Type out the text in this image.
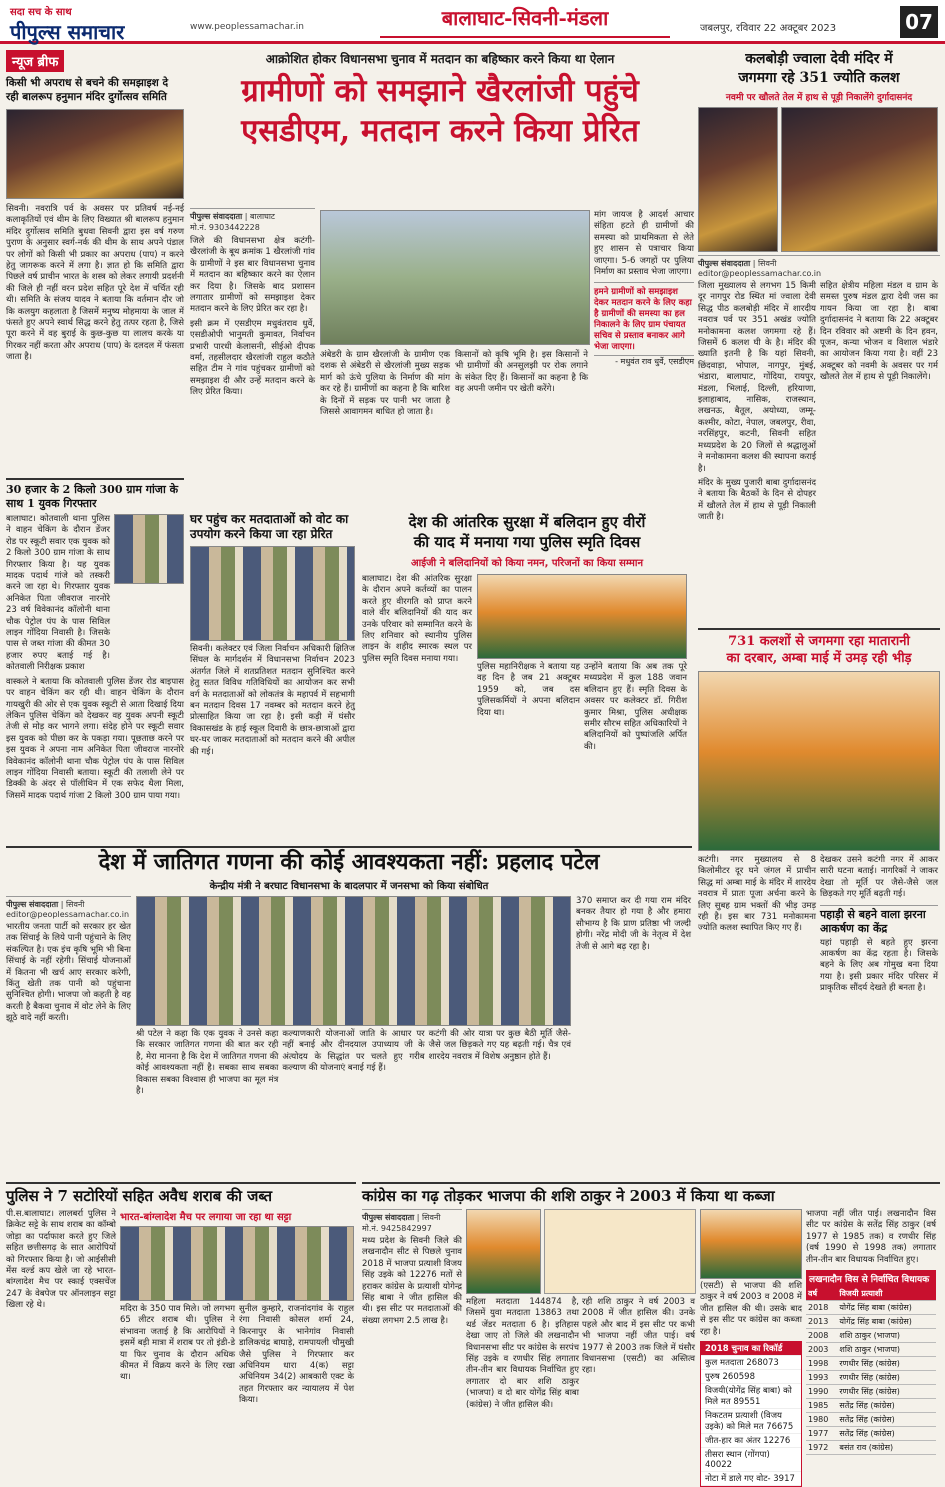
सदा सच के साथ
पीपुल्स समाचार	www.peoplessamachar.in	बालाघाट-सिवनी-मंडला	जबलपुर, रविवार 22 अक्टूबर 2023	07
न्यूज ब्रीफ
किसी भी अपराध से बचने की समझाइश दे रही बालरूप हनुमान मंदिर दुर्गोत्सव समिति
सिवनी। नवरात्रि पर्व के अवसर पर प्रतिवर्ष नई-नई कलाकृतियों एवं थीम के लिए विख्यात श्री बालरूप हनुमान मंदिर दुर्गोत्सव समिति बुधवा सिवनी द्वारा इस वर्ष गरुण पुराण के अनुसार स्वर्ग-नर्क की थीम के साथ अपने पंडाल पर लोगों को किसी भी प्रकार का अपराध (पाप) न करने हेतु जागरूक करने में लगा है। ज्ञात हो कि समिति द्वारा पिछले वर्ष प्राचीन भारत के शस्त्र को लेकर लगायी प्रदर्शनी की जिले ही नहीं वरन प्रदेश सहित पूरे देश में चर्चित रही थी। समिति के संजय यादव ने बताया कि वर्तमान दौर जो कि कलयुग कहलाता है जिसमें मनुष्य मोहमाया के जाल में फंसते हुए अपने स्वार्थ सिद्ध करने हेतु तत्पर रहता है, जिसे पूरा करने में वह बुराई के कुछ-कुछ या लालच करके या गिरकर नहीं करता और अपराध (पाप) के दलदल में फंसता जाता है।
30 हजार के 2 किलो 300 ग्राम गांजा के साथ 1 युवक गिरफ्तार
बालाघाट। कोतवाली थाना पुलिस ने वाहन चेकिंग के दौरान डेंजर रोड पर स्कूटी सवार एक युवक को 2 किलो 300 ग्राम गांजा के साथ गिरफ्तार किया है। यह युवक मादक पदार्थ गांजे को तस्करी करने जा रहा थे। गिरफ्तार युवक अनिकेत पिता जीवराज नारनोरे 23 वर्ष विवेकानंद कॉलोनी थाना चौक पेट्रोल पंप के पास सिविल लाइन गोंदिया निवासी है। जिसके पास से जब्त गांजा की कीमत 30 हजार रुपए बताई गई है। कोतवाली निरीक्षक प्रकाश
वास्कले ने बताया कि कोतवाली पुलिस डेंजर रोड बाइपास पर वाहन चेकिंग कर रही थी। वाहन चेकिंग के दौरान गायखुरी की ओर से एक युवक स्कूटी से आता दिखाई दिया लेकिन पुलिस चेकिंग को देखकर वह युवक अपनी स्कूटी तेजी से मोड़ कर भागने लगा। संदेह होने पर स्कूटी सवार इस युवक को पीछा कर के पकड़ा गया। पूछताछ करने पर इस युवक ने अपना नाम अनिकेत पिता जीवराज नारनोरे विवेकानंद कॉलोनी थाना चौक पेट्रोल पंप के पास सिविल लाइन गोंदिया निवासी बताया। स्कूटी की तलाशी लेने पर डिक्की के अंदर से पॉलीथिन में एक सफेद थैला मिला, जिसमें मादक पदार्थ गांजा 2 किलो 300 ग्राम पाया गया।
आक्रोशित होकर विधानसभा चुनाव में मतदान का बहिष्कार करने किया था ऐलान
ग्रामीणों को समझाने खैरलांजी पहुंचे
एसडीएम, मतदान करने किया प्रेरित
पीपुल्स संवाददाता | बालाघाट
मो.नं. 9303442228
जिले की विधानसभा क्षेत्र कटंगी-खैरलांजी के बूथ क्रमांक 1 खैरलांजी गांव के ग्रामीणों ने इस बार विधानसभा चुनाव में मतदान का बहिष्कार करने का ऐलान कर दिया है। जिसके बाद प्रशासन लगातार ग्रामीणों को समझाइश देकर मतदान करने के लिए प्रेरित कर रहा है।
इसी क्रम में एसडीएम मधुवंतराव धुर्वे, एसडीओपी भानुमती कुमावत, निर्वाचन प्रभारी पारधी केलासनी, सीईओ दीपक वर्मा, तहसीलदार खैरलांजी राहुल कठौते सहित टीम ने गांव पहुंचकर ग्रामीणों को समझाइश दी और उन्हें मतदान करने के लिए प्रेरित किया।
अंबेडरी के ग्राम खैरलांजी के ग्रामीण एक दशक से अंबेडरी से खैरलांजी मुख्य सड़क मार्ग को ऊंचे पुलिया के निर्माण की मांग कर रहे हैं। ग्रामीणों का कहना है कि बारिश के दिनों में सड़क पर पानी भर जाता है जिससे आवागमन बाधित हो जाता है।
किसानों को कृषि भूमि है। इस किसानों ने भी ग्रामीणों की अनसुलझी पर रोक लगाने के संकेत दिए हैं। किसानों का कहना है कि वह अपनी जमीन पर खेती करेंगे।
मांग जायज है आदर्श आचार संहिता हटते ही ग्रामीणों की समस्या को प्राथमिकता से लेते हुए शासन से पत्राचार किया जाएगा। 5-6 जगहों पर पुलिया निर्माण का प्रस्ताव भेजा जाएगा।
हमने ग्रामीणों को समझाइश देकर मतदान करने के लिए कहा है ग्रामीणों की समस्या का हल निकालने के लिए ग्राम पंचायत सचिव से प्रस्ताव बनाकर आगे भेजा जाएगा।
- मधुवंत राव धुर्वे, एसडीएम
घर पहुंच कर मतदाताओं को वोट का उपयोग करने किया जा रहा प्रेरित
सिवनी। कलेक्टर एवं जिला निर्वाचन अधिकारी क्षितिज सिंघल के मार्गदर्शन में विधानसभा निर्वाचन 2023 अंतर्गत जिले में शतप्रतिशत मतदान सुनिश्चित करने हेतु सतत विविध गतिविधियों का आयोजन कर सभी वर्ग के मतदाताओं को लोकतंत्र के महापर्व में सहभागी बन मतदान दिवस 17 नवम्बर को मतदान करने हेतु प्रोत्साहित किया जा रहा है। इसी कड़ी में घंसौर विकासखंड के हाई स्कूल दिवारी के छात्र-छात्राओं द्वारा घर-घर जाकर मतदाताओं को मतदान करने की अपील की गई।
देश की आंतरिक सुरक्षा में बलिदान हुए वीरों
की याद में मनाया गया पुलिस स्मृति दिवस
आईजी ने बलिदानियों को किया नमन, परिजनों का किया सम्मान
बालाघाट। देश की आंतरिक सुरक्षा के दौरान अपने कर्तव्यों का पालन करते हुए वीरगति को प्राप्त करने वाले वीर बलिदानियों की याद कर उनके परिवार को सम्मानित करने के लिए शनिवार को स्थानीय पुलिस लाइन के शहीद स्मारक स्थल पर पुलिस स्मृति दिवस मनाया गया।
पुलिस महानिरीक्षक ने बताया यह वह दिन है जब 21 अक्टूबर 1959 को, जब दस पुलिसकर्मियों ने अपना बलिदान दिया था।
उन्होंने बताया कि अब तक पूरे मध्यप्रदेश में कुल 188 जवान बलिदान हुए हैं। स्मृति दिवस के अवसर पर कलेक्टर डॉ. गिरीश कुमार मिश्रा, पुलिस अधीक्षक समीर सौरभ सहित अधिकारियों ने बलिदानियों को पुष्पांजलि अर्पित की।
कलबोड़ी ज्वाला देवी मंदिर में
जगमगा रहे 351 ज्योति कलश
नवमी पर खौलते तेल में हाथ से पूड़ी निकालेंगे दुर्गादासनंद
पीपुल्स संवाददाता | सिवनी
editor@peoplessamachar.co.in
जिला मुख्यालय से लगभग 15 किमी दूर नागपुर रोड स्थित मां ज्वाला देवी सिद्ध पीठ कलबोड़ी मंदिर में शारदीय नवरात्र पर्व पर 351 अखंड ज्योति मनोकामना कलश जगमगा रहे हैं। जिसमें 6 कलश घी के है। मंदिर की ख्याति इतनी है कि यहां सिवनी, छिंदवाड़ा, भोपाल, नागपुर, मुंबई, भंडारा, बालाघाट, गोंदिया, रायपुर, मंडला, भिलाई, दिल्ली, हरियाणा, इलाहाबाद, नासिक, राजस्थान, लखनऊ, बैतूल, अयोध्या, जम्मू-कश्मीर, कोटा, नेपाल, जबलपुर, रीवा, नरसिंहपुर, कटनी, सिवनी सहित मध्यप्रदेश के 20 जिलों से श्रद्धालुओं ने मनोकामना कलश की स्थापना कराई है।
मंदिर के मुख्य पुजारी बाबा दुर्गादासनंद ने बताया कि बैठकों के दिन से दोपहर में खौलते तेल में हाथ से पूड़ी निकाली जाती है।
सहित क्षेत्रीय महिला मंडल व ग्राम के समस्त पुरुष मंडल द्वारा देवी जस का गायन किया जा रहा है। बाबा दुर्गादासनंद ने बताया कि 22 अक्टूबर दिन रविवार को अष्टमी के दिन हवन, पूजन, कन्या भोजन व विशाल भंडारे का आयोजन किया गया है। वहीं 23 अक्टूबर को नवमी के अवसर पर गर्म खौलते तेल में हाथ से पूड़ी निकालेंगे।
731 कलशों से जगमगा रहा मातारानी
का दरबार, अम्बा माई में उमड़ रही भीड़
कटंगी। नगर मुख्यालय से 8 किलोमीटर दूर घने जंगल में प्राचीन सिद्ध मां अम्बा माई के मंदिर में शारदेय नवरात्र में प्रातः पूजा अर्चना करने के लिए सुबह ग्राम भक्तों की भीड़ उमड़ रही है। इस बार 731 मनोकामना ज्योति कलश स्थापित किए गए हैं।
देखकर उसने कटंगी नगर में आकर सारी घटना बताई। नागरिकों ने जाकर देखा तो मूर्ति पर जैसे-जैसे जल छिड़कते गए मूर्ति बढ़ती गई।
पहाड़ी से बहने वाला झरना आकर्षण का केंद्र
यहां पहाड़ी से बहते हुए झरना आकर्षण का केंद्र रहता है। जिसके बहने के लिए अब गोमुख बना दिया गया है। इसी प्रकार मंदिर परिसर में प्राकृतिक सौंदर्य देखते ही बनता है।
देश में जातिगत गणना की कोई आवश्यकता नहीं: प्रहलाद पटेल
केन्द्रीय मंत्री ने बरघाट विधानसभा के बादलपार में जनसभा को किया संबोधित
पीपुल्स संवाददाता | सिवनी
editor@peoplessamachar.co.in
भारतीय जनता पार्टी को सरकार हर खेत तक सिंचाई के लिये पानी पहुंचाने के लिए संकल्पित है। एक इंच कृषि भूमि भी बिना सिंचाई के नहीं रहेगी। सिंचाई योजनाओं में कितना भी खर्च आए सरकार करेगी, किंतु खेती तक पानी को पहुंचाना सुनिश्चित होगी। भाजपा जो कहती है वह करती है बैकवा चुनाव में वोट लेने के लिए झूठे वादे नहीं करती।
श्री पटेल ने कहा कि एक युवक ने उनसे कहा कि सरकार जातिगत गणना की बात कर रही है, मेरा मानना है कि देश में जातिगत गणना की कोई आवश्यकता नहीं है। सबका साथ सबका विकास सबका विश्वास ही भाजपा का मूल मंत्र है।
कल्याणकारी योजनाओं जाति के आधार पर नहीं बनाई और दीनदयाल उपाध्याय जी के अंत्योदय के सिद्धांत पर चलते हुए गरीब कल्याण की योजनाएं बनाई गई हैं।
कटंगी की ओर यात्रा पर कुछ बैठी मूर्ति जैसे-जैसे जल छिड़कते गए यह बढ़ती गई। चैत्र एवं शारदेय नवरात्र में विशेष अनुष्ठान होते हैं।
370 समाप्त कर दी गया राम मंदिर बनकर तैयार हो गया है और हमारा सौभाग्य है कि प्राण प्रतिष्ठा भी जल्दी होगी। नरेंद्र मोदी जी के नेतृत्व में देश तेजी से आगे बढ़ रहा है।
पुलिस ने 7 सटोरियों सहित अवैध शराब की जब्त
पी.स.बालाघाट। लालबर्रा पुलिस ने क्रिकेट सट्टे के साथ शराब का कॉम्बो जोड़ा का पर्दाफाश करते हुए जिले सहित छत्तीसगढ़ के सात आरोपियों को गिरफ्तार किया है। जो आईसीसी मेंस वर्ल्ड कप खेले जा रहे भारत-बांग्लादेश मैच पर स्काई एक्सचेंज 247 के वेबपेज पर ऑनलाइन सट्टा खिला रहे थे।
भारत-बांग्लादेश मैच पर लगाया जा रहा था सट्टा
मदिरा के 350 पाव मिले। जो लगभग 65 लीटर शराब थी। पुलिस ने संभावना जताई है कि आरोपियों ने इसमें बड़ी मात्रा में शराब पर तो इंडी-डे या फिर चुनाव के दौरान अधिक कीमत में विक्रय करने के लिए रखा था।
सुनील कुम्हारे, राजनांदगांव के राहुल रंगा निवासी कोसल शर्मा 24, किरनापुर के भानेगांव निवासी डालिकचंद्र बाघाड़े, रामपायली चौमुखी जैसे पुलिस ने गिरफ्तार कर अधिनियम धारा 4(क) सट्टा अधिनियम 34(2) आबकारी एक्ट के तहत गिरफ्तार कर न्यायालय में पेश किया।
कांग्रेस का गढ़ तोड़कर भाजपा की शशि ठाकुर ने 2003 में किया था कब्जा
पीपुल्स संवाददाता | सिवनी
मो.नं. 9425842997
मध्य प्रदेश के सिवनी जिले की लखनादौन सीट से पिछले चुनाव 2018 में भाजपा प्रत्याशी विजय सिंह उइके को 12276 मतों से हराकर कांग्रेस के प्रत्याशी योगेन्द्र सिंह बाबा ने जीत हासिल की थी। इस सीट पर मतदाताओं की संख्या लगभग 2.5 लाख है।
महिला मतदाता 144874 है, जिसमें युवा मतदाता 13863 तथा थर्ड जेंडर मतदाता 6 है। इतिहास देखा जाए तो जिले की लखनादौन विधानसभा सीट पर कांग्रेस के सरपंच सिंह उइके व रणधीर सिंह लगातार तीन-तीन बार विधायक निर्वाचित हुए लगातार दो बार शशि ठाकुर (भाजपा) व दो बार योगेंद्र सिंह बाबा (कांग्रेस) ने जीत हासिल की।
रही शशि ठाकुर ने वर्ष 2003 व 2008 में जीत हासिल की। उनके पहले और बाद में इस सीट पर कभी भी भाजपा नहीं जीत पाई। वर्ष 1977 से 2003 तक जिले में घंसौर विधानसभा (एसटी) का अस्तित्व रहा।
(एसटी) से भाजपा की शशि ठाकुर ने वर्ष 2003 व 2008 में जीत हासिल की थी। उसके बाद से इस सीट पर कांग्रेस का कब्जा रहा है।
2018 चुनाव का रिकॉर्ड
कुल मतदाता 268073
पुरुष 260598
विजयी(योगेंद्र सिंह बाबा) को मिले मत 89551
निकटतम प्रत्याशी (विजय उइके) को मिले मत 76675
जीत-हार का अंतर 12276
तीसरा स्थान (गोंगपा) 40022
नोटा में डाले गए वोट- 3917
भाजपा नहीं जीत पाई। लखनादौन विस सीट पर कांग्रेस के सतेंद्र सिंह ठाकुर (वर्ष 1977 से 1985 तक) व रणधीर सिंह (वर्ष 1990 से 1998 तक) लगातार तीन-तीन बार विधायक निर्वाचित हुए।
लखनादौन विस से निर्वाचित विधायक
वर्ष	विजयी प्रत्याशी
2018	योगेंद्र सिंह बाबा (कांग्रेस)
2013	योगेंद्र सिंह बाबा (कांग्रेस)
2008	शशि ठाकुर (भाजपा)
2003	शशि ठाकुर (भाजपा)
1998	रणधीर सिंह (कांग्रेस)
1993	रणधीर सिंह (कांग्रेस)
1990	रणधीर सिंह (कांग्रेस)
1985	सतेंद्र सिंह (कांग्रेस)
1980	सतेंद्र सिंह (कांग्रेस)
1977	सतेंद्र सिंह (कांग्रेस)
1972	बसंत राव (कांग्रेस)
